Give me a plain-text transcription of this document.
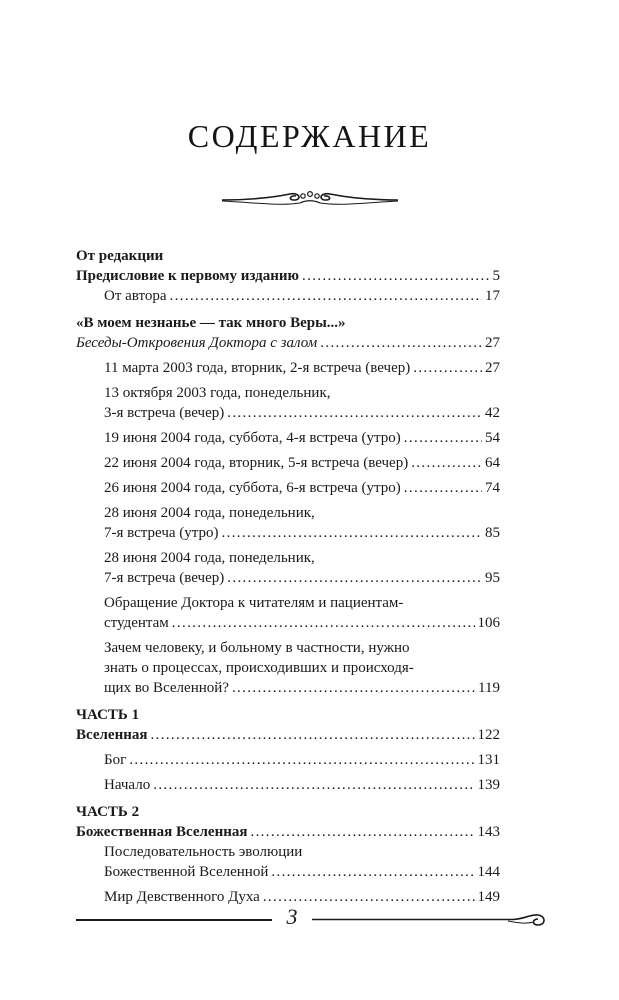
СОДЕРЖАНИЕ
От редакции
Предисловие к первому изданию . . .	5
От автора . . .	17
«В моем незнанье — так много Веры...»
Беседы-Откровения Доктора с залом . . .	27
11 марта 2003 года, вторник, 2-я встреча (вечер) . . .	27
13 октября 2003 года, понедельник,
3-я встреча (вечер) . . .	42
19 июня 2004 года, суббота, 4-я встреча (утро) . . .	54
22 июня 2004 года, вторник, 5-я встреча (вечер) . . .	64
26 июня 2004 года, суббота, 6-я встреча (утро) . . .	74
28 июня 2004 года, понедельник,
7-я встреча (утро) . . .	85
28 июня 2004 года, понедельник,
7-я встреча (вечер) . . .	95
Обращение Доктора к читателям и пациентам-
студентам . . .	106
Зачем человеку, и больному в частности, нужно
знать о процессах, происходивших и происходя-
щих во Вселенной? . . .	119
ЧАСТЬ 1
Вселенная . . .	122
Бог . . .	131
Начало . . .	139
ЧАСТЬ 2
Божественная Вселенная . . .	143
Последовательность эволюции
Божественной Вселенной . . .	144
Мир Девственного Духа . . .	149
3
